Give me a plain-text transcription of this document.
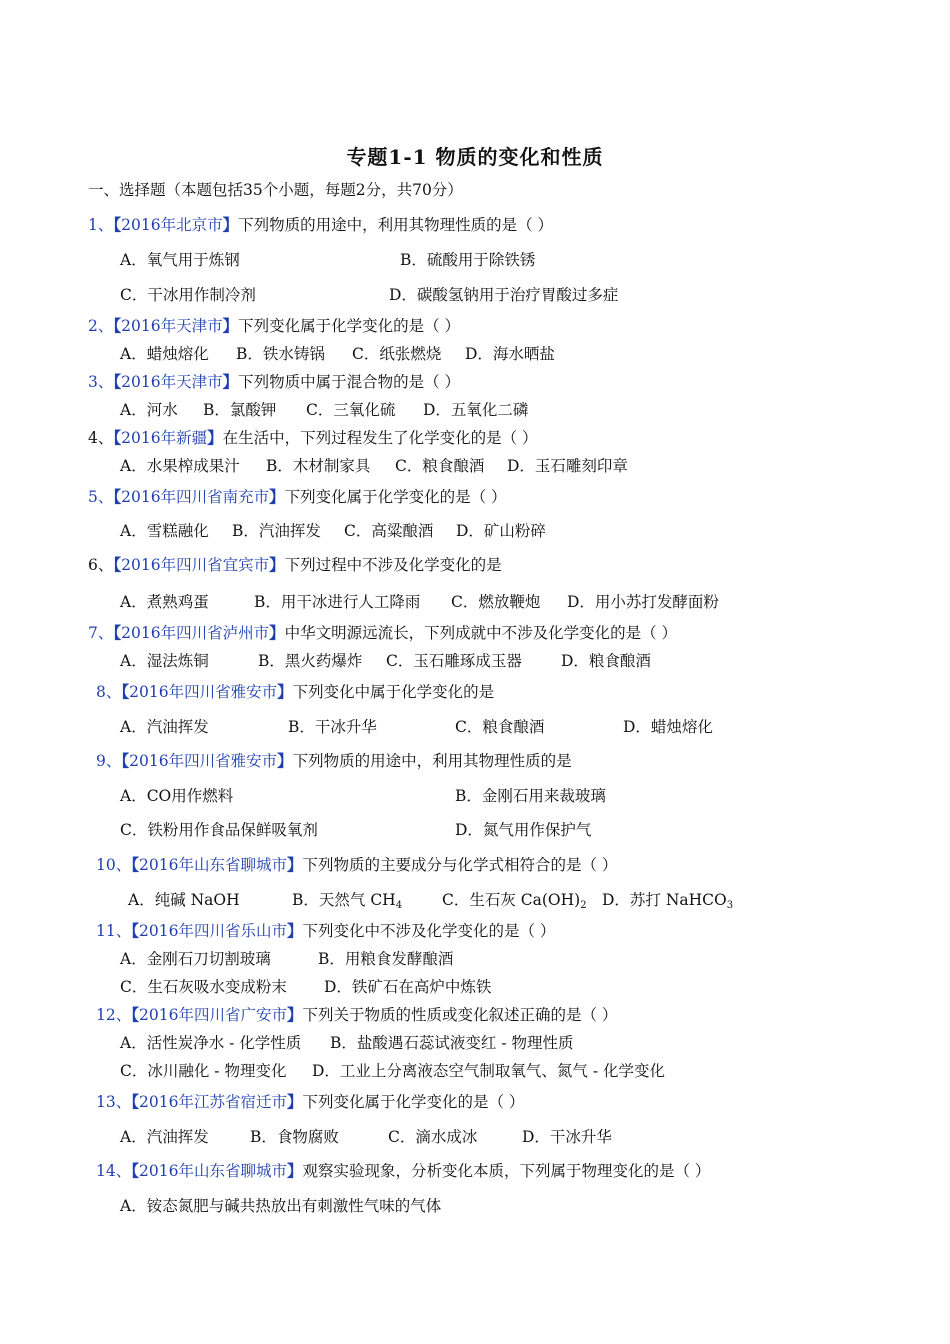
专题1-1 物质的变化和性质
一、选择题（本题包括35个小题，每题2分，共70分）
1、【2016年北京市】下列物质的用途中，利用其物理性质的是（ ）
A．氧气用于炼钢	B．硫酸用于除铁锈
C．干冰用作制冷剂	D．碳酸氢钠用于治疗胃酸过多症
2、【2016年天津市】下列变化属于化学变化的是（ ）
A．蜡烛熔化 B．铁水铸锅 C．纸张燃烧 D．海水晒盐
3、【2016年天津市】下列物质中属于混合物的是（ ）
A．河水 B．氯酸钾 C．三氧化硫 D．五氧化二磷
4、【2016年新疆】在生活中，下列过程发生了化学变化的是（ ）
A．水果榨成果汁 B．木材制家具 C．粮食酿酒 D．玉石雕刻印章
5、【2016年四川省南充市】下列变化属于化学变化的是（ ）
A．雪糕融化 B．汽油挥发 C．高粱酿酒 D．矿山粉碎
6、【2016年四川省宜宾市】下列过程中不涉及化学变化的是
A．煮熟鸡蛋	B．用干冰进行人工降雨 C．燃放鞭炮 D．用小苏打发酵面粉
7、【2016年四川省泸州市】中华文明源远流长，下列成就中不涉及化学变化的是（ ）
A．湿法炼铜	B．黑火药爆炸 C．玉石雕琢成玉器	D．粮食酿酒
8、【2016年四川省雅安市】下列变化中属于化学变化的是
A．汽油挥发	B．干冰升华	C．粮食酿酒	D．蜡烛熔化
9、【2016年四川省雅安市】下列物质的用途中，利用其物理性质的是
A．CO用作燃料	B．金刚石用来裁玻璃
C．铁粉用作食品保鲜吸氧剂	D．氮气用作保护气
10、【2016年山东省聊城市】下列物质的主要成分与化学式相符合的是（ ）
A．纯碱 NaOH	B．天然气 $CH_4$	C．生石灰 $Ca(OH)_2$ D．苏打 NaHCO$_3$
11、【2016年四川省乐山市】下列变化中不涉及化学变化的是（ ）
A．金刚石刀切割玻璃	B．用粮食发酵酿酒
C．生石灰吸水变成粉末 D．铁矿石在高炉中炼铁
12、【2016年四川省广安市】下列关于物质的性质或变化叙述正确的是（ ）
A．活性炭净水 - 化学性质 B．盐酸遇石蕊试液变红 - 物理性质
C．冰川融化 - 物理变化 D．工业上分离液态空气制取氧气、氮气 - 化学变化
13、【2016年江苏省宿迁市】下列变化属于化学变化的是（ ）
A．汽油挥发	B．食物腐败	C．滴水成冰	D．干冰升华
14、【2016年山东省聊城市】观察实验现象，分析变化本质，下列属于物理变化的是（ ）
A．铵态氮肥与碱共热放出有刺激性气味的气体
